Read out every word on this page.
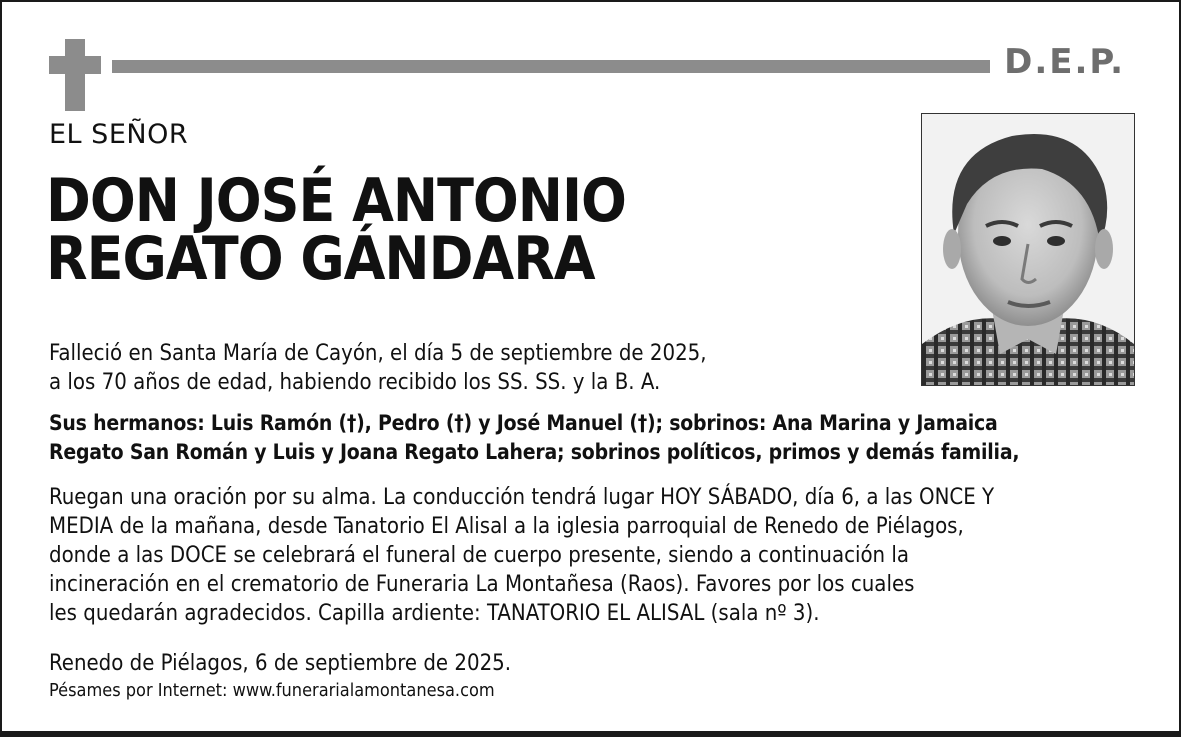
D.E.P.
EL SEÑOR
DON JOSÉ ANTONIO
REGATO GÁNDARA
Falleció en Santa María de Cayón, el día 5 de septiembre de 2025,
a los 70 años de edad, habiendo recibido los SS. SS. y la B. A.
Sus hermanos: Luis Ramón (†), Pedro (†) y José Manuel (†); sobrinos: Ana Marina y Jamaica
Regato San Román y Luis y Joana Regato Lahera; sobrinos políticos, primos y demás familia,
Ruegan una oración por su alma. La conducción tendrá lugar HOY SÁBADO, día 6, a las ONCE Y
MEDIA de la mañana, desde Tanatorio El Alisal a la iglesia parroquial de Renedo de Piélagos,
donde a las DOCE se celebrará el funeral de cuerpo presente, siendo a continuación la
incineración en el crematorio de Funeraria La Montañesa (Raos). Favores por los cuales
les quedarán agradecidos. Capilla ardiente: TANATORIO EL ALISAL (sala nº 3).
Renedo de Piélagos, 6 de septiembre de 2025.
Pésames por Internet: www.funerarialamontanesa.com
